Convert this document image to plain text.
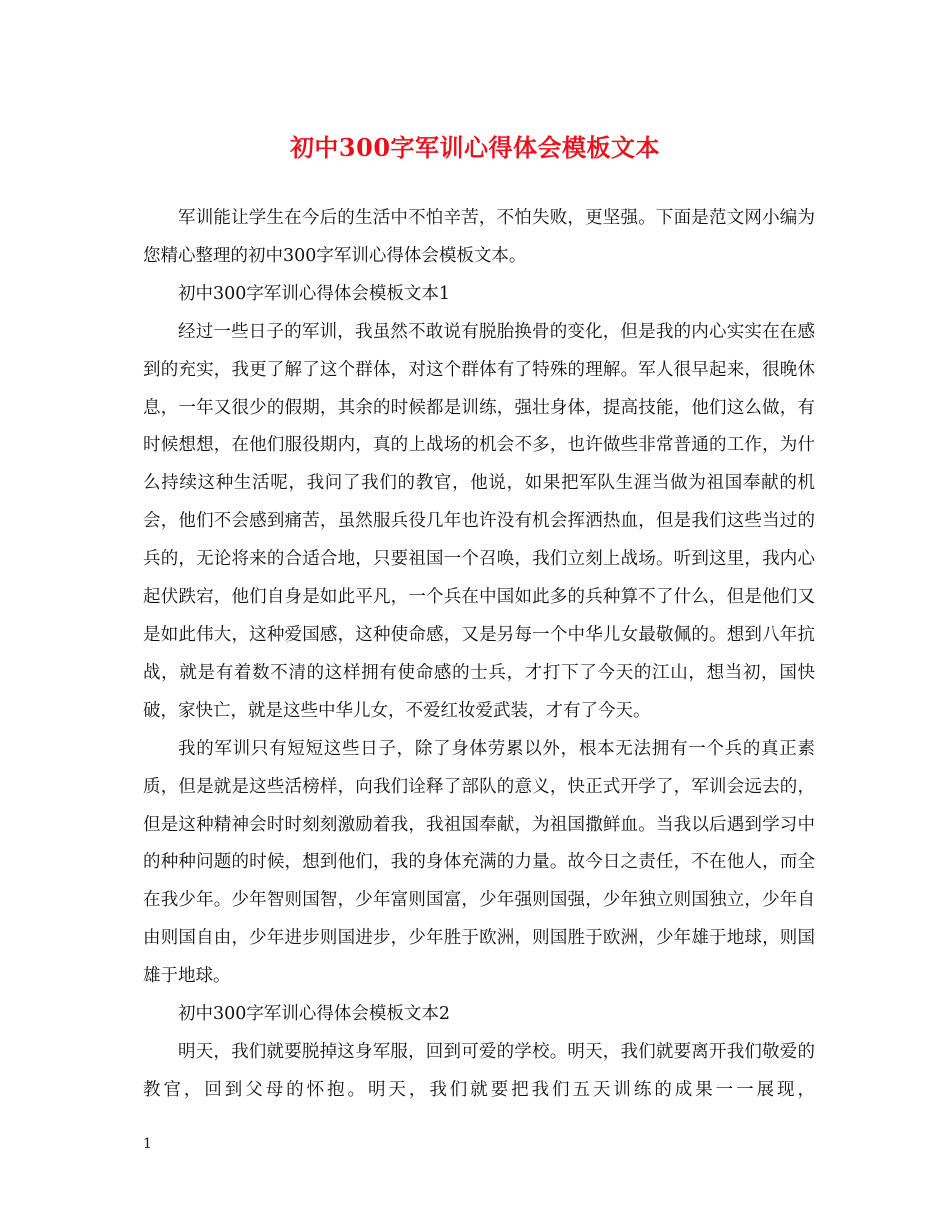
初中300字军训心得体会模板文本

军训能让学生在今后的生活中不怕辛苦，不怕失败，更坚强。下面是范文网小编为您精心整理的初中300字军训心得体会模板文本。

初中300字军训心得体会模板文本1

经过一些日子的军训，我虽然不敢说有脱胎换骨的变化，但是我的内心实实在在感到的充实，我更了解了这个群体，对这个群体有了特殊的理解。军人很早起来，很晚休息，一年又很少的假期，其余的时候都是训练，强壮身体，提高技能，他们这么做，有时候想想，在他们服役期内，真的上战场的机会不多，也许做些非常普通的工作，为什么持续这种生活呢，我问了我们的教官，他说，如果把军队生涯当做为祖国奉献的机会，他们不会感到痛苦，虽然服兵役几年也许没有机会挥洒热血，但是我们这些当过的兵的，无论将来的合适合地，只要祖国一个召唤，我们立刻上战场。听到这里，我内心起伏跌宕，他们自身是如此平凡，一个兵在中国如此多的兵种算不了什么，但是他们又是如此伟大，这种爱国感，这种使命感，又是另每一个中华儿女最敬佩的。想到八年抗战，就是有着数不清的这样拥有使命感的士兵，才打下了今天的江山，想当初，国快破，家快亡，就是这些中华儿女，不爱红妆爱武装，才有了今天。

我的军训只有短短这些日子，除了身体劳累以外，根本无法拥有一个兵的真正素质，但是就是这些活榜样，向我们诠释了部队的意义，快正式开学了，军训会远去的，但是这种精神会时时刻刻激励着我，我祖国奉献，为祖国撒鲜血。当我以后遇到学习中的种种问题的时候，想到他们，我的身体充满的力量。故今日之责任，不在他人，而全在我少年。少年智则国智，少年富则国富，少年强则国强，少年独立则国独立，少年自由则国自由，少年进步则国进步，少年胜于欧洲，则国胜于欧洲，少年雄于地球，则国雄于地球。

初中300字军训心得体会模板文本2

明天，我们就要脱掉这身军服，回到可爱的学校。明天，我们就要离开我们敬爱的教官，回到父母的怀抱。明天，我们就要把我们五天训练的成果一一展现，

1
